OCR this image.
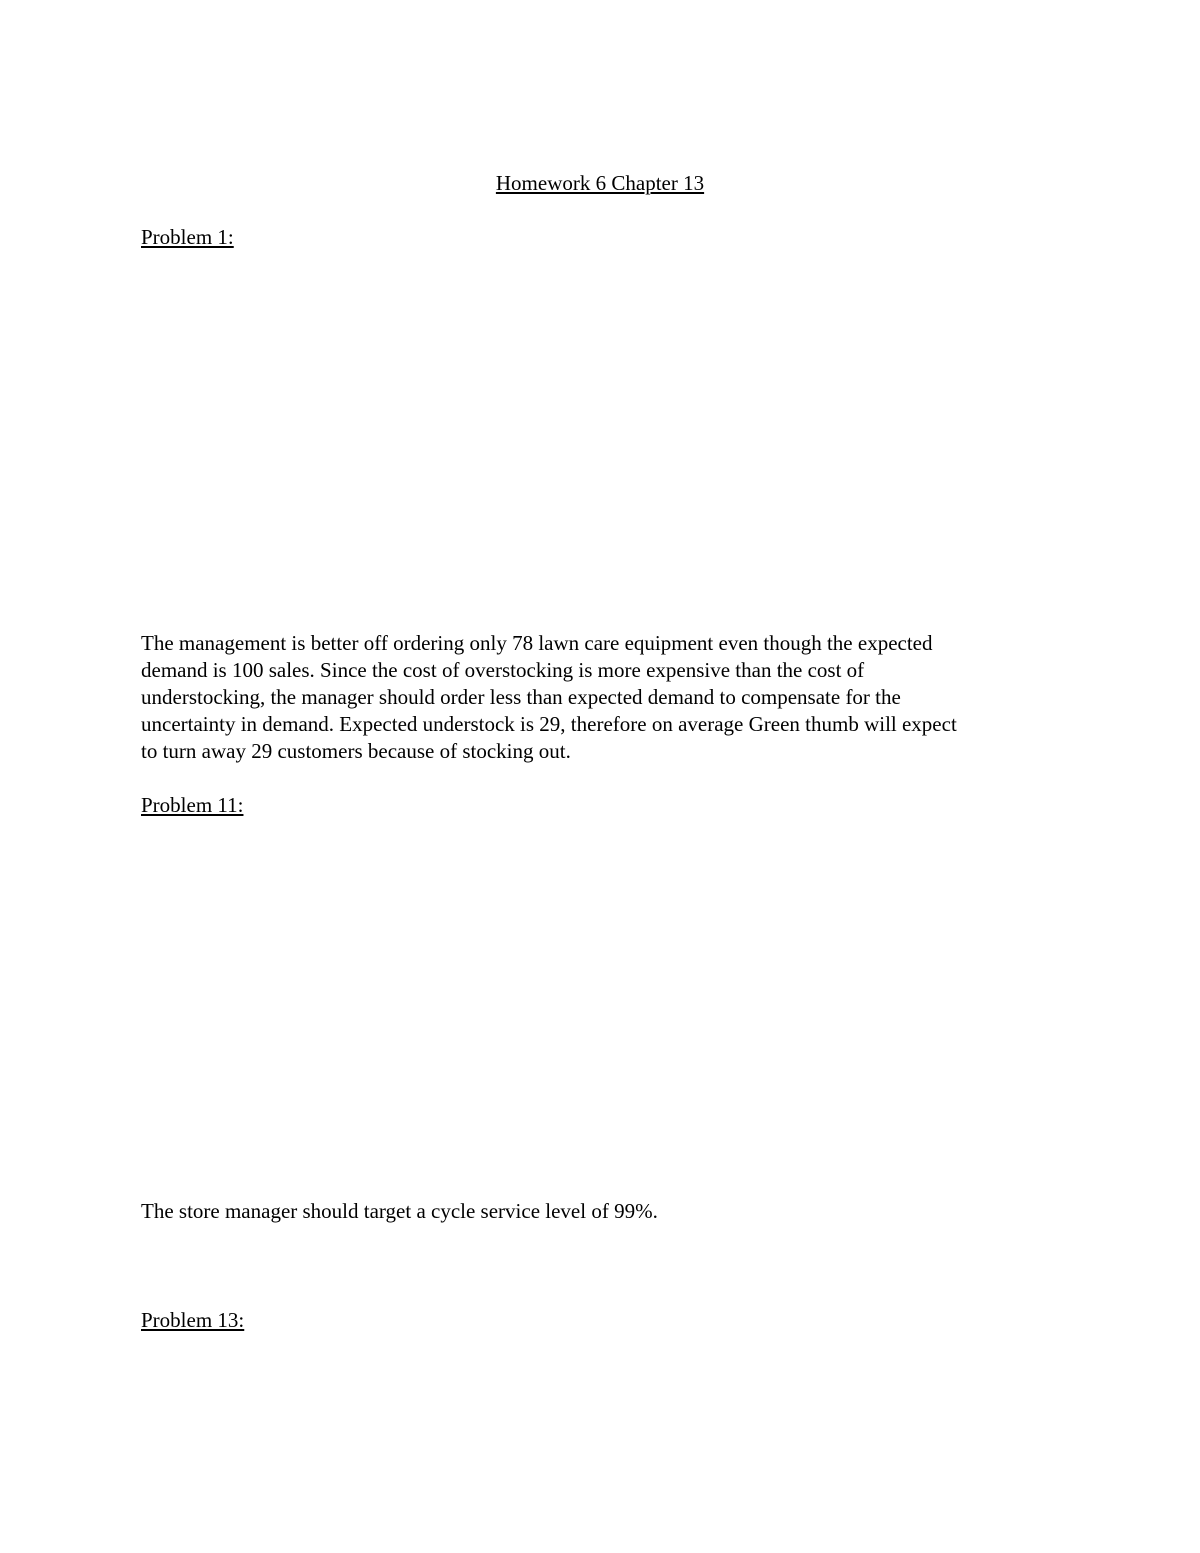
Homework 6 Chapter 13
Problem 1:
The management is better off ordering only 78 lawn care equipment even though the expected
demand is 100 sales. Since the cost of overstocking is more expensive than the cost of
understocking, the manager should order less than expected demand to compensate for the
uncertainty in demand. Expected understock is 29, therefore on average Green thumb will expect
to turn away 29 customers because of stocking out.
Problem 11:
The store manager should target a cycle service level of 99%.
Problem 13:
